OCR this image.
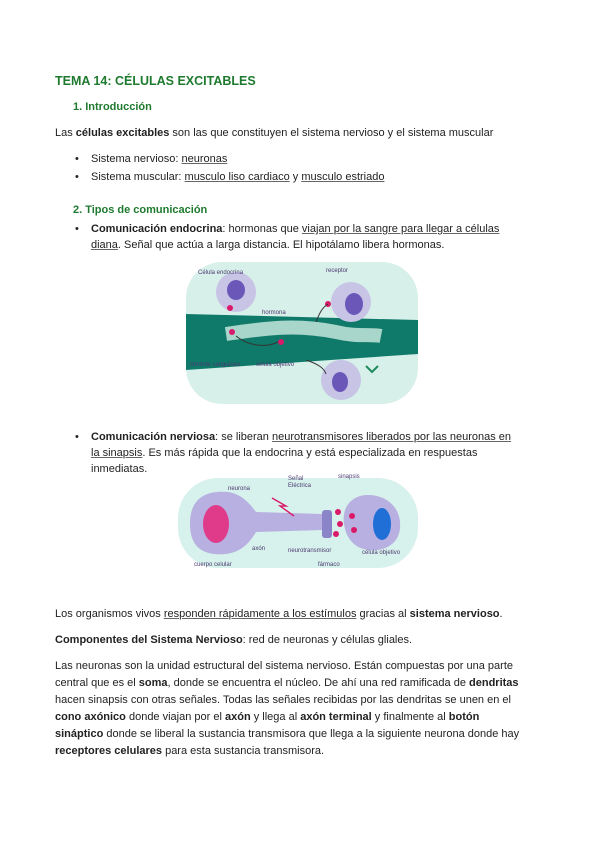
TEMA 14: CÉLULAS EXCITABLES
1. Introducción
Las células excitables son las que constituyen el sistema nervioso y el sistema muscular
• Sistema nervioso: neuronas
• Sistema muscular: musculo liso cardiaco y musculo estriado
2. Tipos de comunicación
• Comunicación endocrina: hormonas que viajan por la sangre para llegar a células
diana. Señal que actúa a larga distancia. El hipotálamo libera hormonas.
Célula endocrina
hormona
receptor
torrente sanguíneo	célula objetivo
• Comunicación nerviosa: se liberan neurotransmisores liberados por las neuronas en
la sinapsis. Es más rápida que la endocrina y está especializada en respuestas
inmediatas.
neurona
Señal
Eléctrica
sinapsis
axón	neurotransmisor
fármaco
célula objetivo
cuerpo celular
Los organismos vivos responden rápidamente a los estímulos gracias al sistema nervioso.
Componentes del Sistema Nervioso: red de neuronas y células gliales.
Las neuronas son la unidad estructural del sistema nervioso. Están compuestas por una parte
central que es el soma, donde se encuentra el núcleo. De ahí una red ramificada de dendritas
hacen sinapsis con otras señales. Todas las señales recibidas por las dendritas se unen en el
cono axónico donde viajan por el axón y llega al axón terminal y finalmente al botón
sináptico donde se liberal la sustancia transmisora que llega a la siguiente neurona donde hay
receptores celulares para esta sustancia transmisora.
